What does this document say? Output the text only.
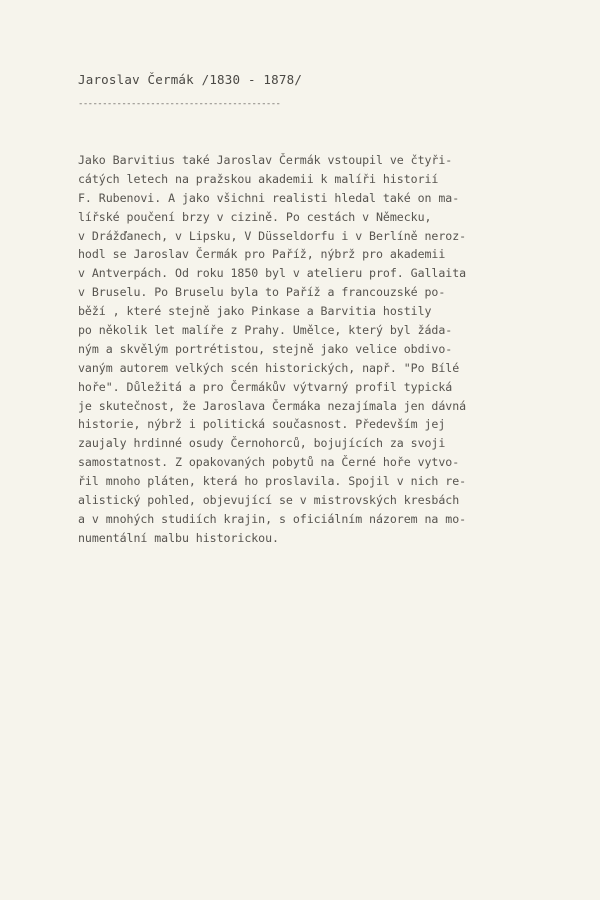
Jaroslav Čermák /1830 - 1878/
------------------------------------------
Jako Barvitius také Jaroslav Čermák vstoupil ve čtyři-
cátých letech na pražskou akademii k malíři historií
F. Rubenovi. A jako všichni realisti hledal také on ma-
lířské poučení brzy v cizině. Po cestách v Německu,
v Drážďanech, v Lipsku, V Düsseldorfu i v Berlíně neroz-
hodl se Jaroslav Čermák pro Paříž, nýbrž pro akademii
v Antverpách. Od roku 1850 byl v atelieru prof. Gallaita
v Bruselu. Po Bruselu byla to Paříž a francouzské po-
běží , které stejně jako Pinkase a Barvitia hostily
po několik let malíře z Prahy. Umělce, který byl žáda-
ným a skvělým portrétistou, stejně jako velice obdivo-
vaným autorem velkých scén historických, např. "Po Bílé
hoře". Důležitá a pro Čermákův výtvarný profil typická
je skutečnost, že Jaroslava Čermáka nezajímala jen dávná
historie, nýbrž i politická současnost. Především jej
zaujaly hrdinné osudy Černohorců, bojujících za svoji
samostatnost. Z opakovaných pobytů na Černé hoře vytvo-
řil mnoho pláten, která ho proslavila. Spojil v nich re-
alistický pohled, objevující se v mistrovských kresbách
a v mnohých studiích krajin, s oficiálním názorem na mo-
numentální malbu historickou.
